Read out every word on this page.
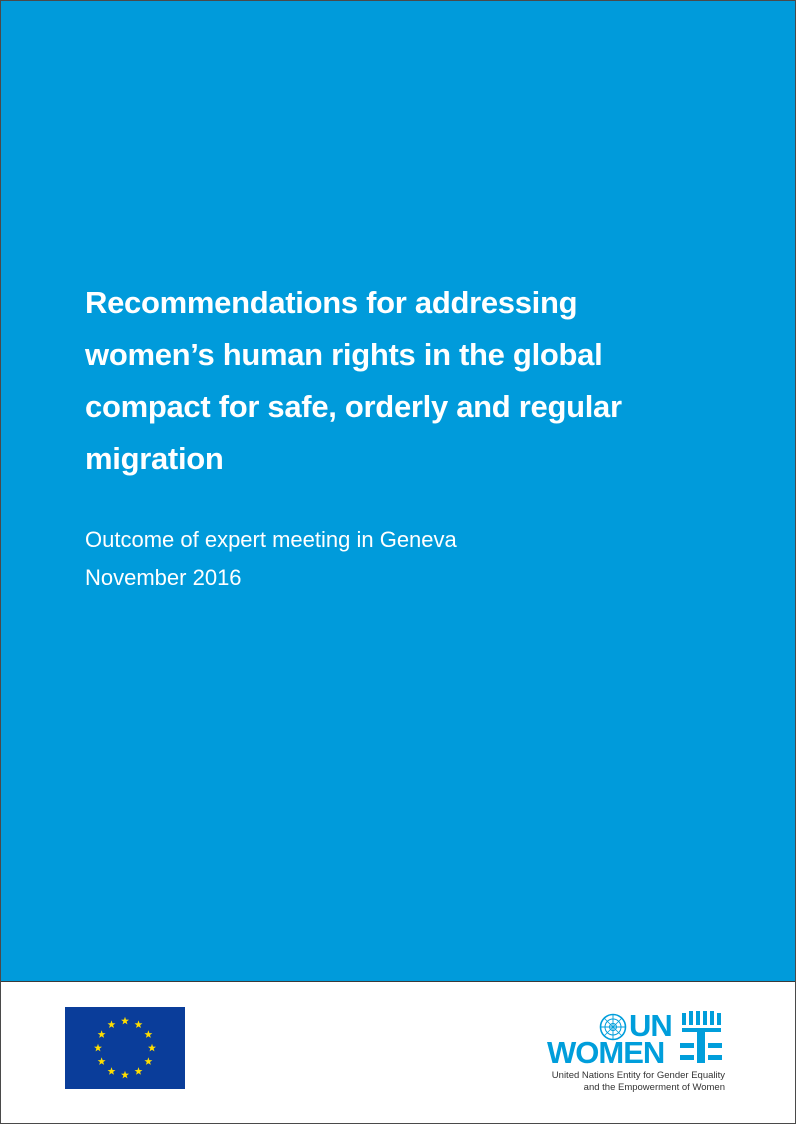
Recommendations for addressing
women’s human rights in the global
compact for safe, orderly and regular
migration
Outcome of expert meeting in Geneva
November 2016
UN
WOMEN
United Nations Entity for Gender Equality
and the Empowerment of Women
